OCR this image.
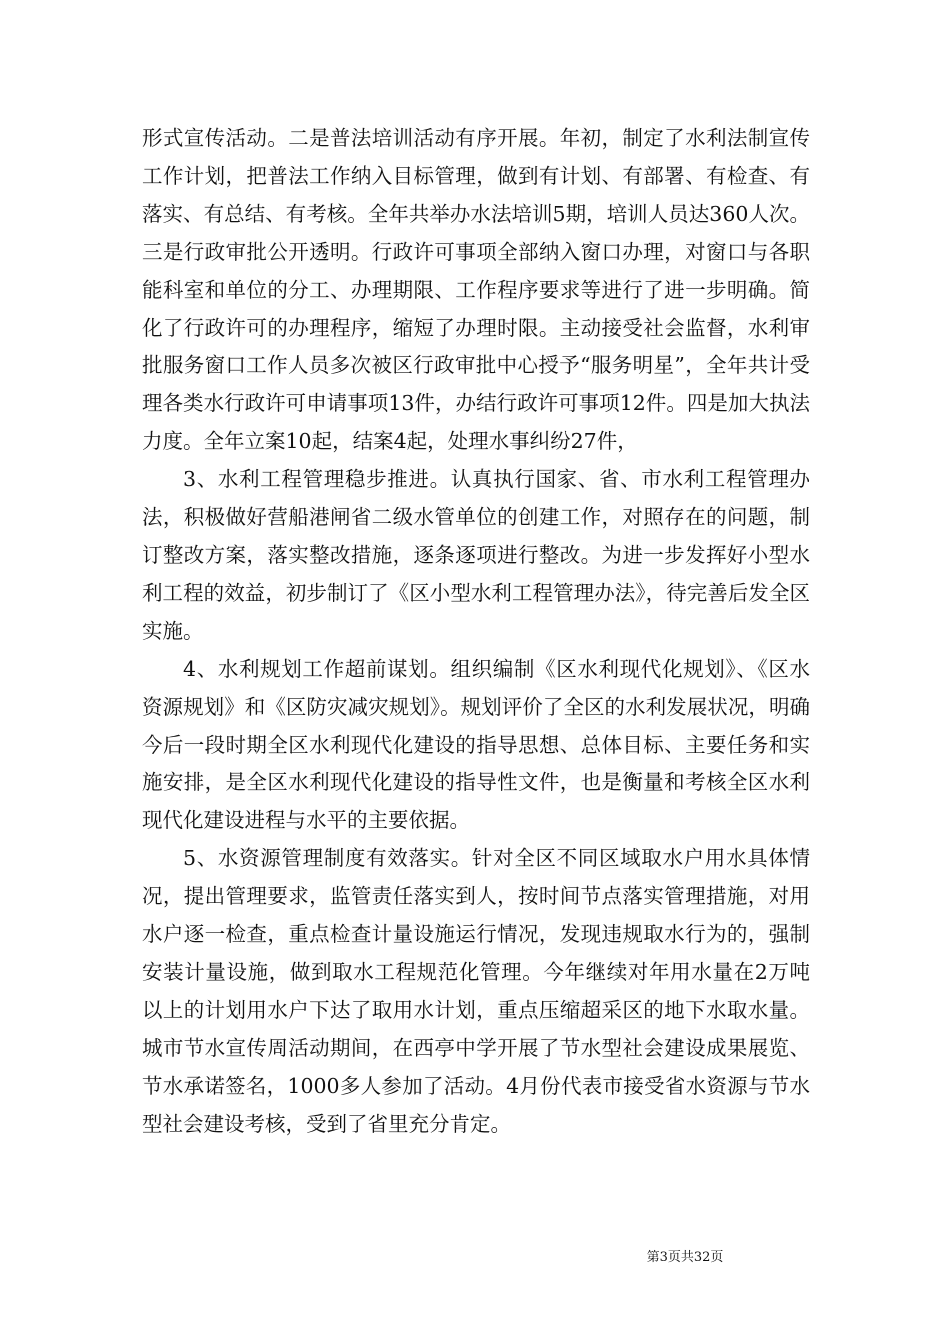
形式宣传活动。二是普法培训活动有序开展。年初，制定了水利法制宣传工作计划，把普法工作纳入目标管理，做到有计划、有部署、有检查、有落实、有总结、有考核。全年共举办水法培训5期，培训人员达360人次。三是行政审批公开透明。行政许可事项全部纳入窗口办理，对窗口与各职能科室和单位的分工、办理期限、工作程序要求等进行了进一步明确。简化了行政许可的办理程序，缩短了办理时限。主动接受社会监督，水利审批服务窗口工作人员多次被区行政审批中心授予“服务明星”，全年共计受理各类水行政许可申请事项13件，办结行政许可事项12件。四是加大执法力度。全年立案10起，结案4起，处理水事纠纷27件，

3、水利工程管理稳步推进。认真执行国家、省、市水利工程管理办法，积极做好营船港闸省二级水管单位的创建工作，对照存在的问题，制订整改方案，落实整改措施，逐条逐项进行整改。为进一步发挥好小型水利工程的效益，初步制订了《区小型水利工程管理办法》，待完善后发全区实施。

4、水利规划工作超前谋划。组织编制《区水利现代化规划》、《区水资源规划》和《区防灾减灾规划》。规划评价了全区的水利发展状况，明确今后一段时期全区水利现代化建设的指导思想、总体目标、主要任务和实施安排，是全区水利现代化建设的指导性文件，也是衡量和考核全区水利现代化建设进程与水平的主要依据。

5、水资源管理制度有效落实。针对全区不同区域取水户用水具体情况，提出管理要求，监管责任落实到人，按时间节点落实管理措施，对用水户逐一检查，重点检查计量设施运行情况，发现违规取水行为的，强制安装计量设施，做到取水工程规范化管理。今年继续对年用水量在2万吨以上的计划用水户下达了取用水计划，重点压缩超采区的地下水取水量。城市节水宣传周活动期间，在西亭中学开展了节水型社会建设成果展览、节水承诺签名，1000多人参加了活动。4月份代表市接受省水资源与节水型社会建设考核，受到了省里充分肯定。

第3页共32页
